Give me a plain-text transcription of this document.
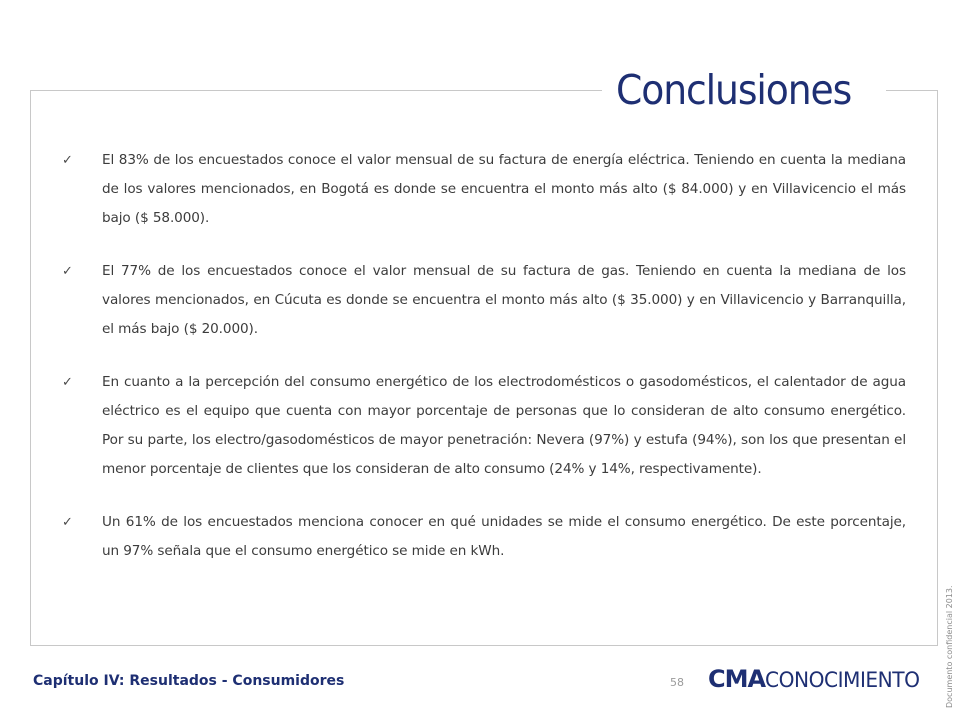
Conclusiones
✓	El 83% de los encuestados conoce el valor mensual de su factura de energía eléctrica. Teniendo en cuenta la mediana de los valores mencionados, en Bogotá es donde se encuentra el monto más alto ($ 84.000) y en Villavicencio el más bajo ($ 58.000).
✓	El 77% de los encuestados conoce el valor mensual de su factura de gas. Teniendo en cuenta la mediana de los valores mencionados, en Cúcuta es donde se encuentra el monto más alto ($ 35.000) y en Villavicencio y Barranquilla, el más bajo ($ 20.000).
✓	En cuanto a la percepción del consumo energético de los electrodomésticos o gasodomésticos, el calentador de agua eléctrico es el equipo que cuenta con mayor porcentaje de personas que lo consideran de alto consumo energético. Por su parte, los electro/gasodomésticos de mayor penetración: Nevera (97%) y estufa (94%), son los que presentan el menor porcentaje de clientes que los consideran de alto consumo (24% y 14%, respectivamente).
✓	Un 61% de los encuestados menciona conocer en qué unidades se mide el consumo energético. De este porcentaje, un 97% señala que el consumo energético se mide en kWh.
Documento confidencial 2013.
Capítulo IV: Resultados - Consumidores	58 CMA CONOCIMIENTO
